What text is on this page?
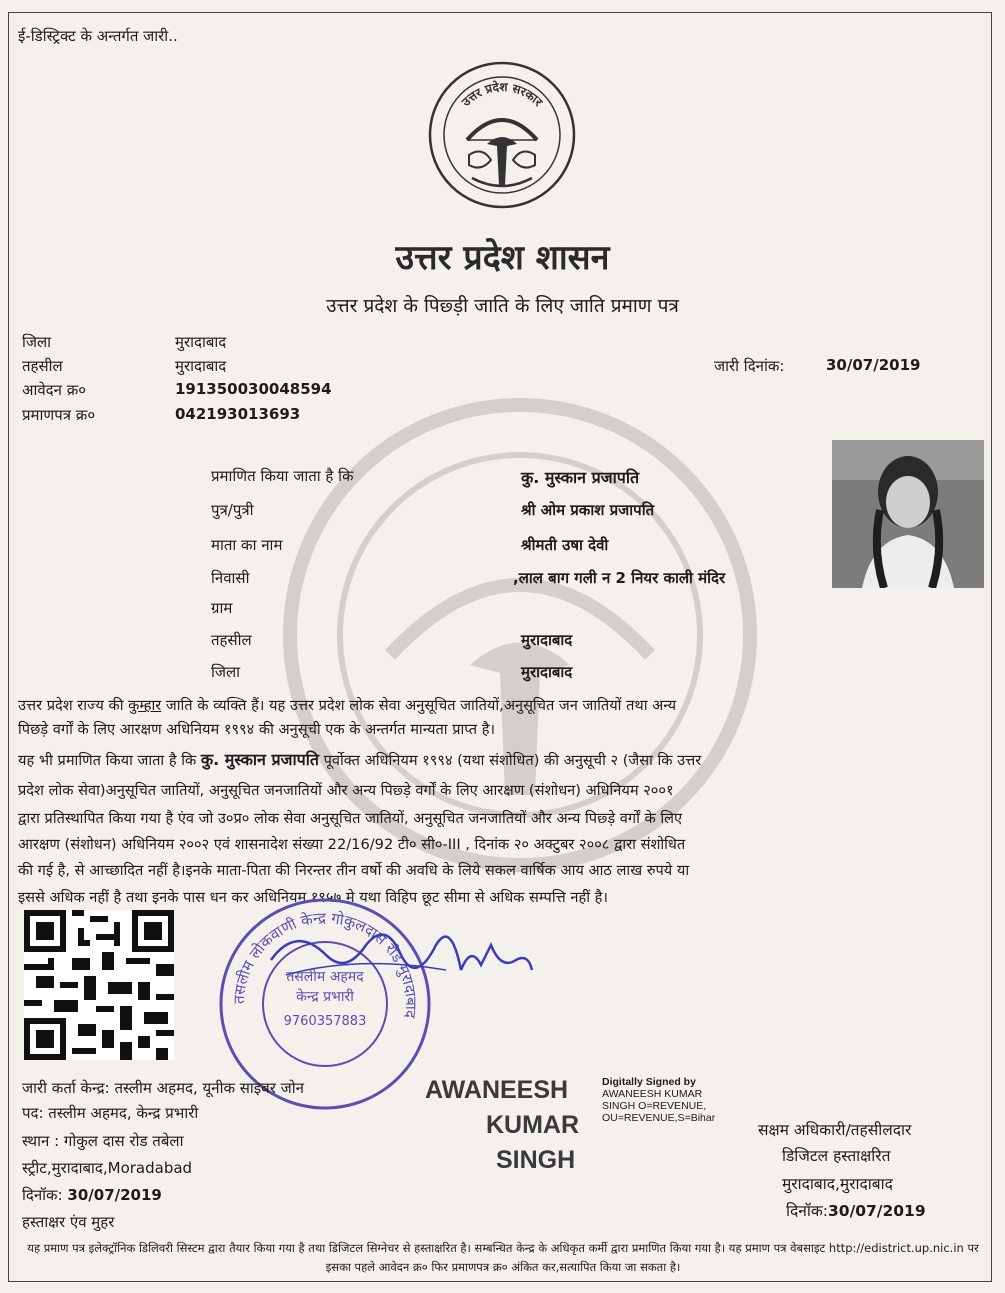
ई-डिस्ट्रिक्ट के अन्तर्गत जारी..
उत्तर प्रदेश सरकार
उत्तर प्रदेश शासन
उत्तर प्रदेश के पिछ्ड़ी जाति के लिए जाति प्रमाण पत्र
जिला	मुरादाबाद
तहसील	मुरादाबाद
आवेदन क्र०	191350030048594
प्रमाणपत्र क्र०	042193013693
जारी दिनांक:	30/07/2019
प्रमाणित किया जाता है कि	कु. मुस्कान प्रजापति
पुत्र/पुत्री	श्री ओम प्रकाश प्रजापति
माता का नाम	श्रीमती उषा देवी
निवासी	,लाल बाग गली न 2 नियर काली मंदिर
ग्राम
तहसील	मुरादाबाद
जिला	मुरादाबाद
उत्तर प्रदेश राज्य की कुम्हार जाति के व्यक्ति हैं। यह उत्तर प्रदेश लोक सेवा अनुसूचित जातियों,अनुसूचित जन जातियों तथा अन्य
पिछड़े वर्गों के लिए आरक्षण अधिनियम १९९४ की अनुसूची एक के अन्तर्गत मान्यता प्राप्त है।
यह भी प्रमाणित किया जाता है कि कु. मुस्कान प्रजापति पूर्वोक्त अधिनियम १९९४ (यथा संशोधित) की अनुसूची २ (जैसा कि उत्तर
प्रदेश लोक सेवा)अनुसूचित जातियों, अनुसूचित जनजातियों और अन्य पिछ्ड़े वर्गों के लिए आरक्षण (संशोधन) अधिनियम २००१
द्वारा प्रतिस्थापित किया गया है एंव जो उ०प्र० लोक सेवा अनुसूचित जातियों, अनुसूचित जनजातियों और अन्य पिछ्ड़े वर्गों के लिए
आरक्षण (संशोधन) अधिनियम २००२ एवं शासनादेश संख्या 22/16/92 टी० सी०-III , दिनांक २० अक्टुबर २००८ द्वारा संशोधित
की गई है, से आच्छादित नहीं है।इनके माता-पिता की निरन्तर तीन वर्षो की अवधि के लिये सकल वार्षिक आय आठ लाख रुपये या
इससे अधिक नहीं है तथा इनके पास धन कर अधिनियम १९५७ मे यथा विहिप छूट सीमा से अधिक सम्पत्ति नहीं है।
तसलीम लोकवाणी केन्द्र गोकुलदास रोड मुरादाबाद
तसलीम अहमद
केन्द्र प्रभारी
9760357883
जारी कर्ता केन्द्र: तस्लीम अहमद, यूनीक साइबर जोन
पद: तस्लीम अहमद, केन्द्र प्रभारी
स्थान : गोकुल दास रोड तबेला
स्ट्रीट,मुरादाबाद,Moradabad
दिनॉक: 30/07/2019
हस्ताक्षर एंव मुहर
AWANEESH
KUMAR
SINGH
Digitally Signed by
AWANEESH KUMAR
SINGH O=REVENUE,
OU=REVENUE,S=Bihar
सक्षम अधिकारी/तहसीलदार
डिजिटल हस्ताक्षरित
मुरादाबाद,मुरादाबाद
दिनॉक:30/07/2019
यह प्रमाण पत्र इलेक्ट्रॉनिक डिलिवरी सिस्टम द्वारा तैयार किया गया है तथा डिजिटल सिग्नेचर से हस्ताक्षरित है। सम्बन्धित केन्द्र के अधिकृत कर्मी द्वारा प्रमाणित किया गया है। यह प्रमाण पत्र वेबसाइट http://edistrict.up.nic.in पर इसका पहले आवेदन क्र० फिर प्रमाणपत्र क्र० अंकित कर,सत्यापित किया जा सकता है।
